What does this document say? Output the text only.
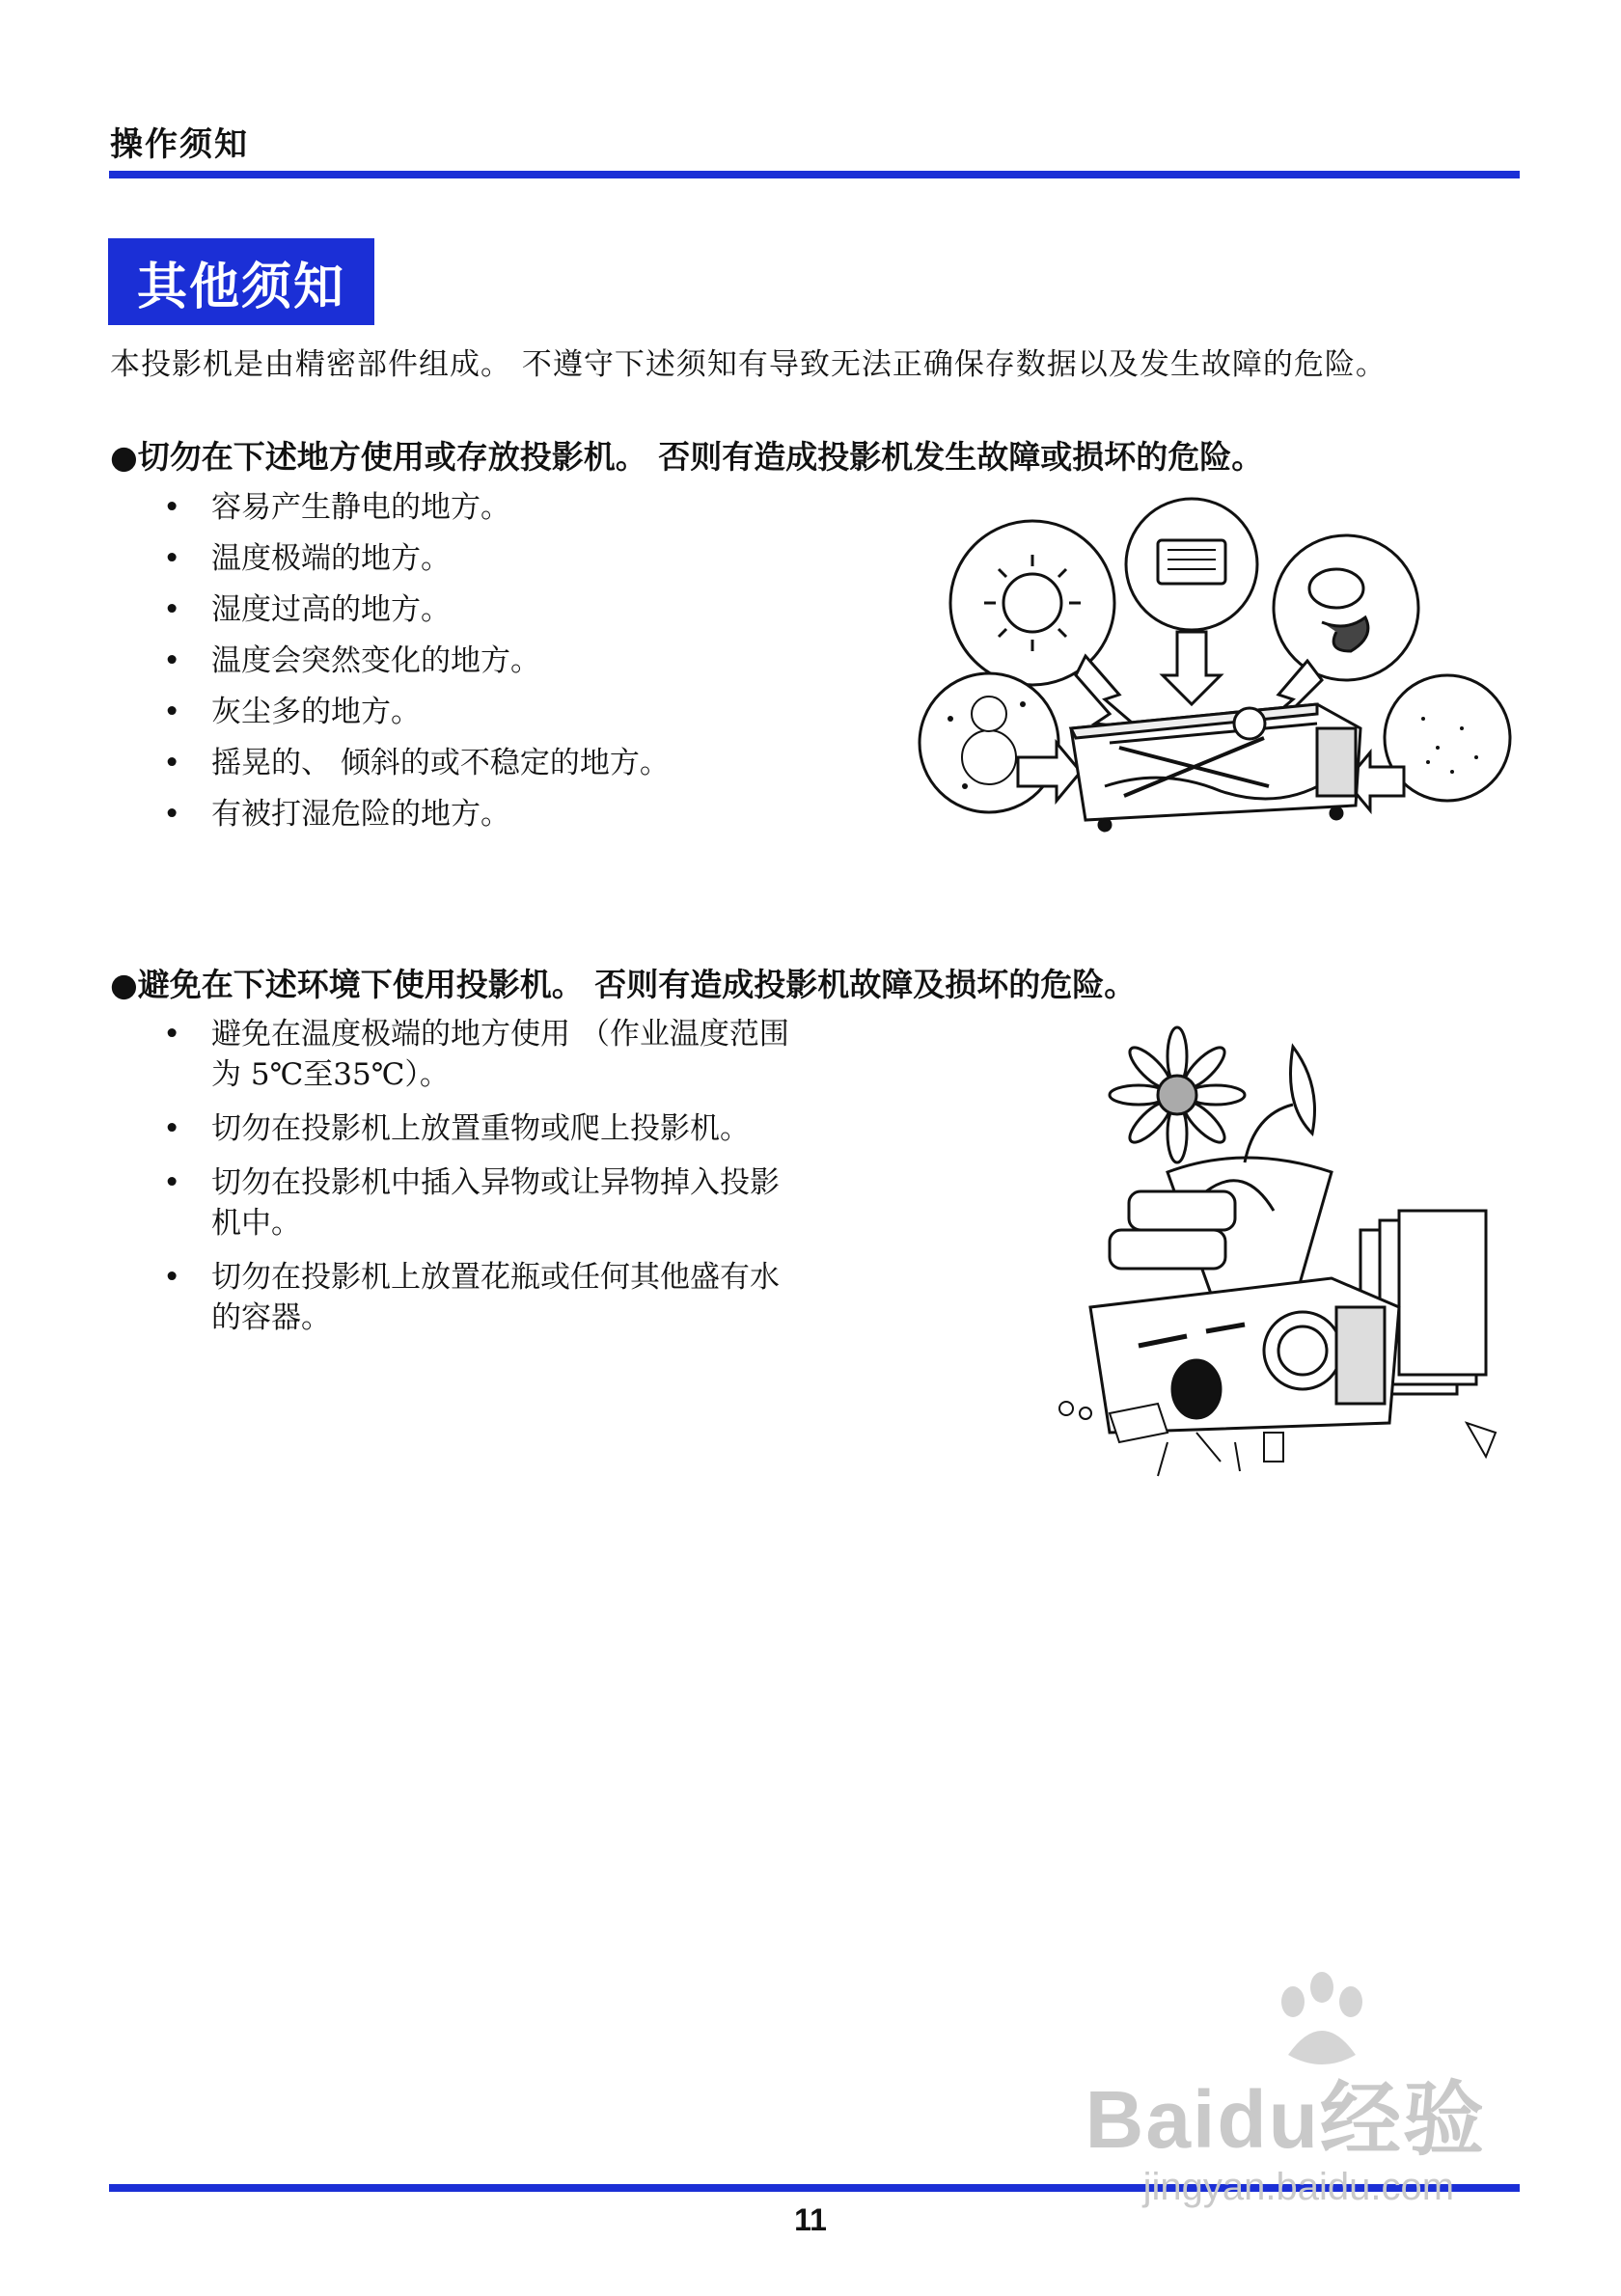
操作须知
其他须知
本投影机是由精密部件组成。 不遵守下述须知有导致无法正确保存数据以及发生故障的危险。
●切勿在下述地方使用或存放投影机。 否则有造成投影机发生故障或损坏的危险。
• 容易产生静电的地方。
• 温度极端的地方。
• 湿度过高的地方。
• 温度会突然变化的地方。
• 灰尘多的地方。
• 摇晃的、 倾斜的或不稳定的地方。
• 有被打湿危险的地方。
●避免在下述环境下使用投影机。 否则有造成投影机故障及损坏的危险。
• 避免在温度极端的地方使用 （作业温度范围为 5℃至35℃）。
• 切勿在投影机上放置重物或爬上投影机。
• 切勿在投影机中插入异物或让异物掉入投影机中。
• 切勿在投影机上放置花瓶或任何其他盛有水的容器。
11
Baidu经验
jingyan.baidu.com
